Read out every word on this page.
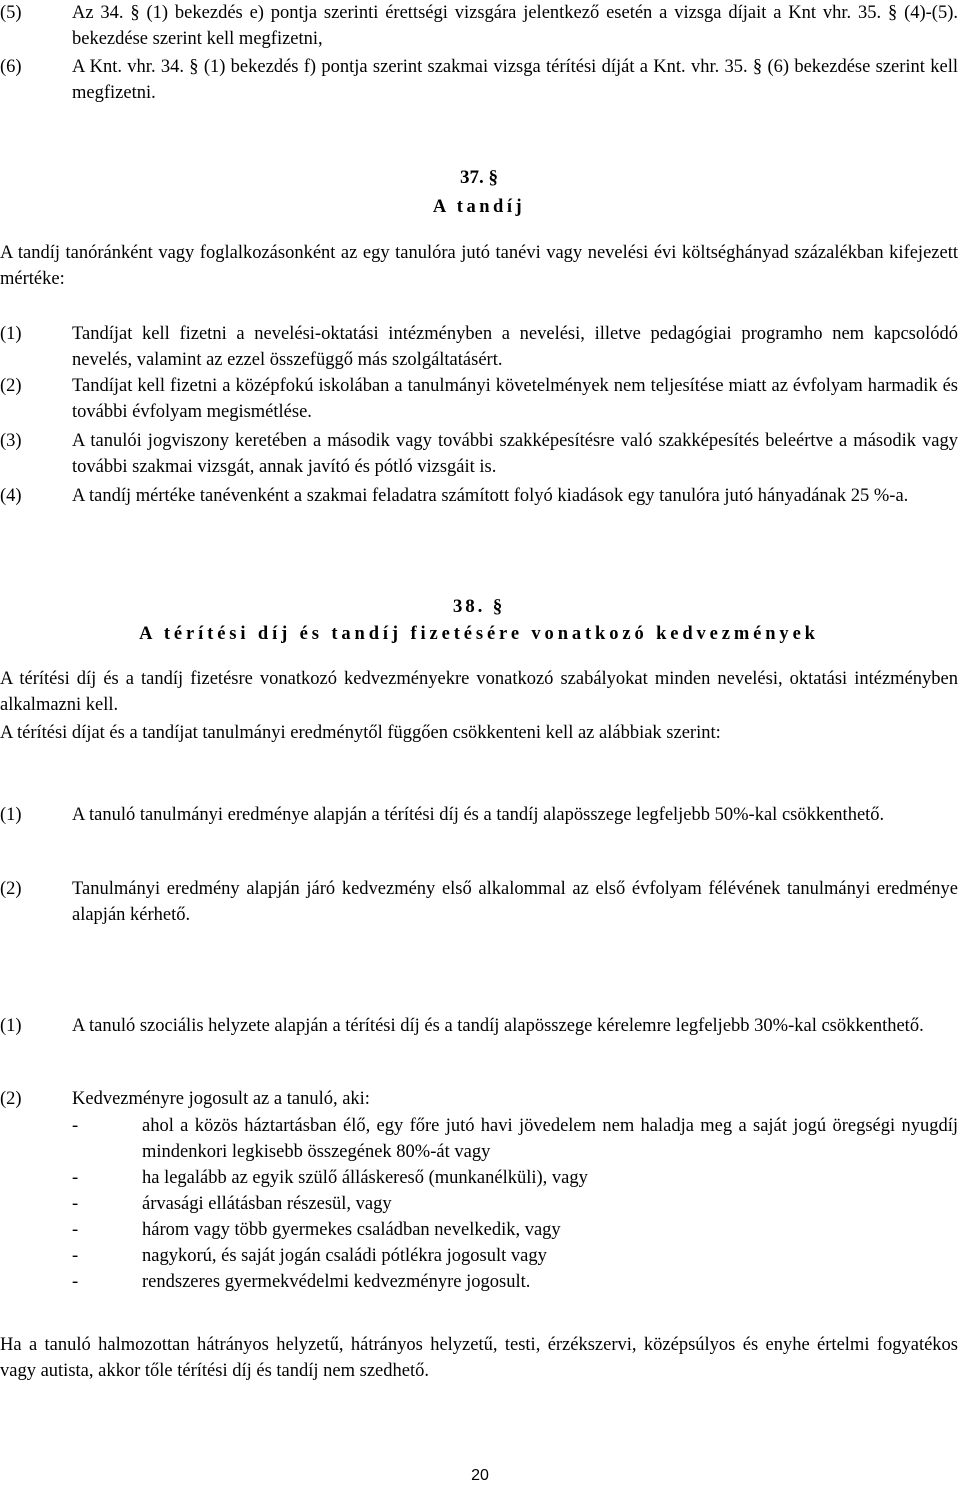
(5)	Az 34. § (1) bekezdés e) pontja szerinti érettségi vizsgára jelentkező esetén a vizsga díjait a Knt vhr. 35. § (4)-(5). bekezdése szerint kell megfizetni,
(6)	A Knt. vhr. 34. § (1) bekezdés f) pontja szerint szakmai vizsga térítési díját a Knt. vhr. 35. § (6) bekezdése szerint kell megfizetni.
37. §
A tandíj
A tandíj tanóránként vagy foglalkozásonként az egy tanulóra jutó tanévi vagy nevelési évi költséghányad százalékban kifejezett mértéke:
(1)	Tandíjat kell fizetni a nevelési-oktatási intézményben a nevelési, illetve pedagógiai programho nem kapcsolódó nevelés, valamint az ezzel összefüggő más szolgáltatásért.
(2)	Tandíjat kell fizetni a középfokú iskolában a tanulmányi követelmények nem teljesítése miatt az évfolyam harmadik és további évfolyam megismétlése.
(3)	A tanulói jogviszony keretében a második vagy további szakképesítésre való szakképesítés beleértve a második vagy további szakmai vizsgát, annak javító és pótló vizsgáit is.
(4)	A tandíj mértéke tanévenként a szakmai feladatra számított folyó kiadások egy tanulóra jutó hányadának 25 %-a.
38. §
A térítési díj és tandíj fizetésére vonatkozó kedvezmények
A térítési díj és a tandíj fizetésre vonatkozó kedvezményekre vonatkozó szabályokat minden nevelési, oktatási intézményben alkalmazni kell.
A térítési díjat és a tandíjat tanulmányi eredménytől függően csökkenteni kell az alábbiak szerint:
(1)	A tanuló tanulmányi eredménye alapján a térítési díj és a tandíj alapösszege legfeljebb 50%-kal csökkenthető.
(2)	Tanulmányi eredmény alapján járó kedvezmény első alkalommal az első évfolyam félévének tanulmányi eredménye alapján kérhető.
(1)	A tanuló szociális helyzete alapján a térítési díj és a tandíj alapösszege kérelemre legfeljebb 30%-kal csökkenthető.
(2)	Kedvezményre jogosult az a tanuló, aki:
-	ahol a közös háztartásban élő, egy főre jutó havi jövedelem nem haladja meg a saját jogú öregségi nyugdíj mindenkori legkisebb összegének 80%-át vagy
-	ha legalább az egyik szülő álláskereső (munkanélküli), vagy
-	árvasági ellátásban részesül, vagy
-	három vagy több gyermekes családban nevelkedik, vagy
-	nagykorú, és saját jogán családi pótlékra jogosult vagy
-	rendszeres gyermekvédelmi kedvezményre jogosult.
Ha a tanuló halmozottan hátrányos helyzetű, hátrányos helyzetű, testi, érzékszervi, középsúlyos és enyhe értelmi fogyatékos vagy autista, akkor tőle térítési díj és tandíj nem szedhető.
20
